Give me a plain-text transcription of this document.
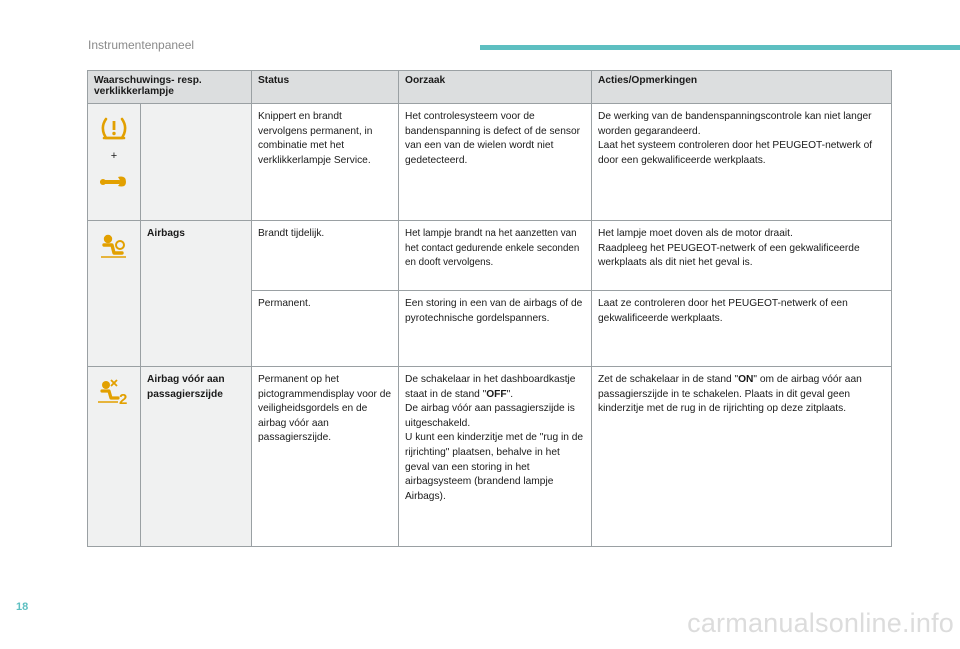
Instrumentenpaneel
Waarschuwings- resp. verklikkerlampje		Status	Oorzaak	Acties/Opmerkingen

+		Knippert en brandt vervolgens permanent, in combinatie met het verklikkerlampje Service.	Het controlesysteem voor de bandenspanning is defect of de sensor van een van de wielen wordt niet gedetecteerd.	De werking van de bandenspanningscontrole kan niet langer worden gegarandeerd.
Laat het systeem controleren door het PEUGEOT-netwerk of door een gekwalificeerde werkplaats.

	Airbags	Brandt tijdelijk.	Het lampje brandt na het aanzetten van het contact gedurende enkele seconden en dooft vervolgens.	Het lampje moet doven als de motor draait.
Raadpleeg het PEUGEOT-netwerk of een gekwalificeerde werkplaats als dit niet het geval is.
		Permanent.	Een storing in een van de airbags of de pyrotechnische gordelspanners.	Laat ze controleren door het PEUGEOT-netwerk of een gekwalificeerde werkplaats.

2	Airbag vóór aan passagierszijde	Permanent op het pictogrammendisplay voor de veiligheidsgordels en de airbag vóór aan passagierszijde.	De schakelaar in het dashboardkastje staat in de stand "OFF".
De airbag vóór aan passagierszijde is uitgeschakeld.
U kunt een kinderzitje met de "rug in de rijrichting" plaatsen, behalve in het geval van een storing in het airbagsysteem (brandend lampje Airbags).	Zet de schakelaar in de stand "ON" om de airbag vóór aan passagierszijde in te schakelen. Plaats in dit geval geen kinderzitje met de rug in de rijrichting op deze zitplaats.
18
carmanualsonline.info
